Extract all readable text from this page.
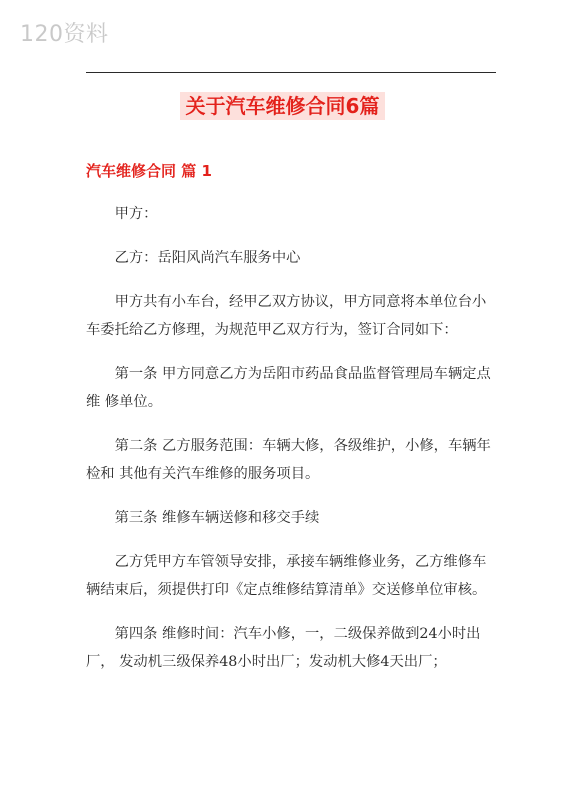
120资料
关于汽车维修合同6篇
汽车维修合同 篇 1

甲方：

乙方：岳阳风尚汽车服务中心

甲方共有小车台，经甲乙双方协议，甲方同意将本单位台小车委托给乙方修理，为规范甲乙双方行为，签订合同如下：

第一条 甲方同意乙方为岳阳市药品食品监督管理局车辆定点维 修单位。

第二条 乙方服务范围：车辆大修，各级维护，小修，车辆年检和 其他有关汽车维修的服务项目。

第三条 维修车辆送修和移交手续

乙方凭甲方车管领导安排，承接车辆维修业务，乙方维修车辆结束后，须提供打印《定点维修结算清单》交送修单位审核。

第四条 维修时间：汽车小修，一，二级保养做到24小时出厂， 发动机三级保养48小时出厂；发动机大修4天出厂；
